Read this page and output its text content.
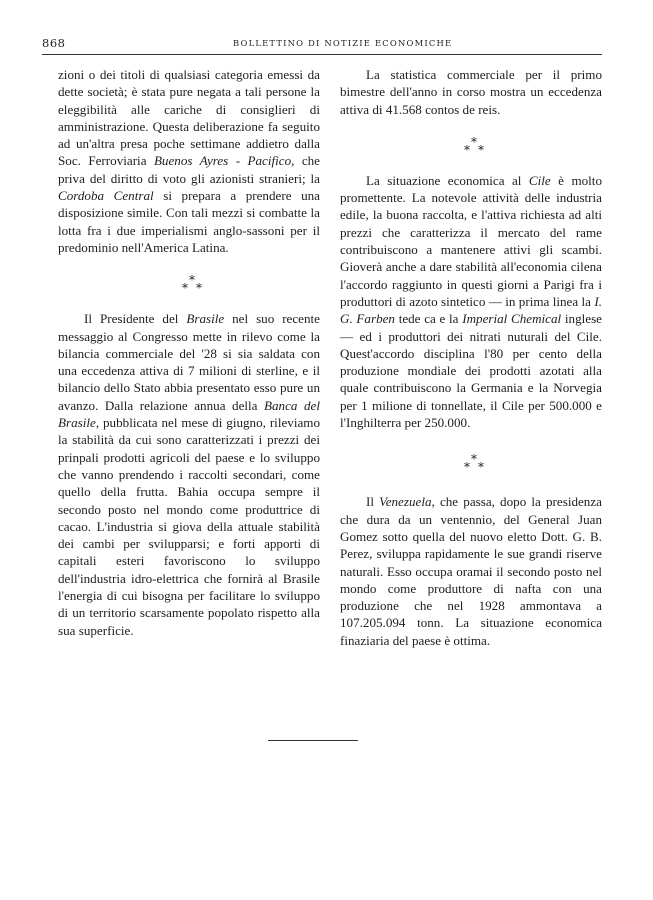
868	BOLLETTINO DI NOTIZIE ECONOMICHE

zioni o dei titoli di qualsiasi categoria emessi da dette società; è stata pure negata a tali persone la eleggibilità alle cariche di consiglieri di amministrazione. Questa deliberazione fa seguito ad un'altra presa poche settimane addietro dalla Soc. Ferroviaria Buenos Ayres - Pacifico, che priva del diritto di voto gli azionisti stranieri; la Cordoba Central si prepara a prendere una disposizione simile. Con tali mezzi si combatte la lotta fra i due imperialismi anglo-sassoni per il predominio nell'America Latina.

*
*
*

Il Presidente del Brasile nel suo recente messaggio al Congresso mette in rilevo come la bilancia commerciale del '28 si sia saldata con una eccedenza attiva di 7 milioni di sterline, e il bilancio dello Stato abbia presentato esso pure un avanzo. Dalla relazione annua della Banca del Brasile, pubblicata nel mese di giugno, rileviamo la stabilità da cui sono caratterizzati i prezzi dei prinpali prodotti agricoli del paese e lo sviluppo che vanno prendendo i raccolti secondari, come quello della frutta. Bahia occupa sempre il secondo posto nel mondo come produttrice di cacao. L'industria si giova della attuale stabilità dei cambi per svilupparsi; e forti apporti di capitali esteri favoriscono lo sviluppo dell'industria idro-elettrica che fornirà al Brasile l'energia di cui bisogna per facilitare lo sviluppo di un territorio scarsamente popolato rispetto alla sua superficie.

La statistica commerciale per il primo bimestre dell'anno in corso mostra un eccedenza attiva di 41.568 contos de reis.

*
*
*

La situazione economica al Cile è molto promettente. La notevole attività delle industria edile, la buona raccolta, e l'attiva richiesta ad alti prezzi che caratterizza il mercato del rame contribuiscono a mantenere attivi gli scambi. Gioverà anche a dare stabilità all'economia cilena l'accordo raggiunto in questi giorni a Parigi fra i produttori di azoto sintetico — in prima linea la I. G. Farben tede ca e la Imperial Chemical inglese — ed i produttori dei nitrati nuturali del Cile. Quest'accordo disciplina l'80 per cento della produzione mondiale dei prodotti azotati alla quale contribuiscono la Germania e la Norvegia per 1 milione di tonnellate, il Cile per 500.000 e l'Inghilterra per 250.000.

*
*
*

Il Venezuela, che passa, dopo la presidenza che dura da un ventennio, del General Juan Gomez sotto quella del nuovo eletto Dott. G. B. Perez, sviluppa rapidamente le sue grandi riserve naturali. Esso occupa oramai il secondo posto nel mondo come produttore di nafta con una produzione che nel 1928 ammontava a 107.205.094 tonn. La situazione economica finaziaria del paese è ottima.
